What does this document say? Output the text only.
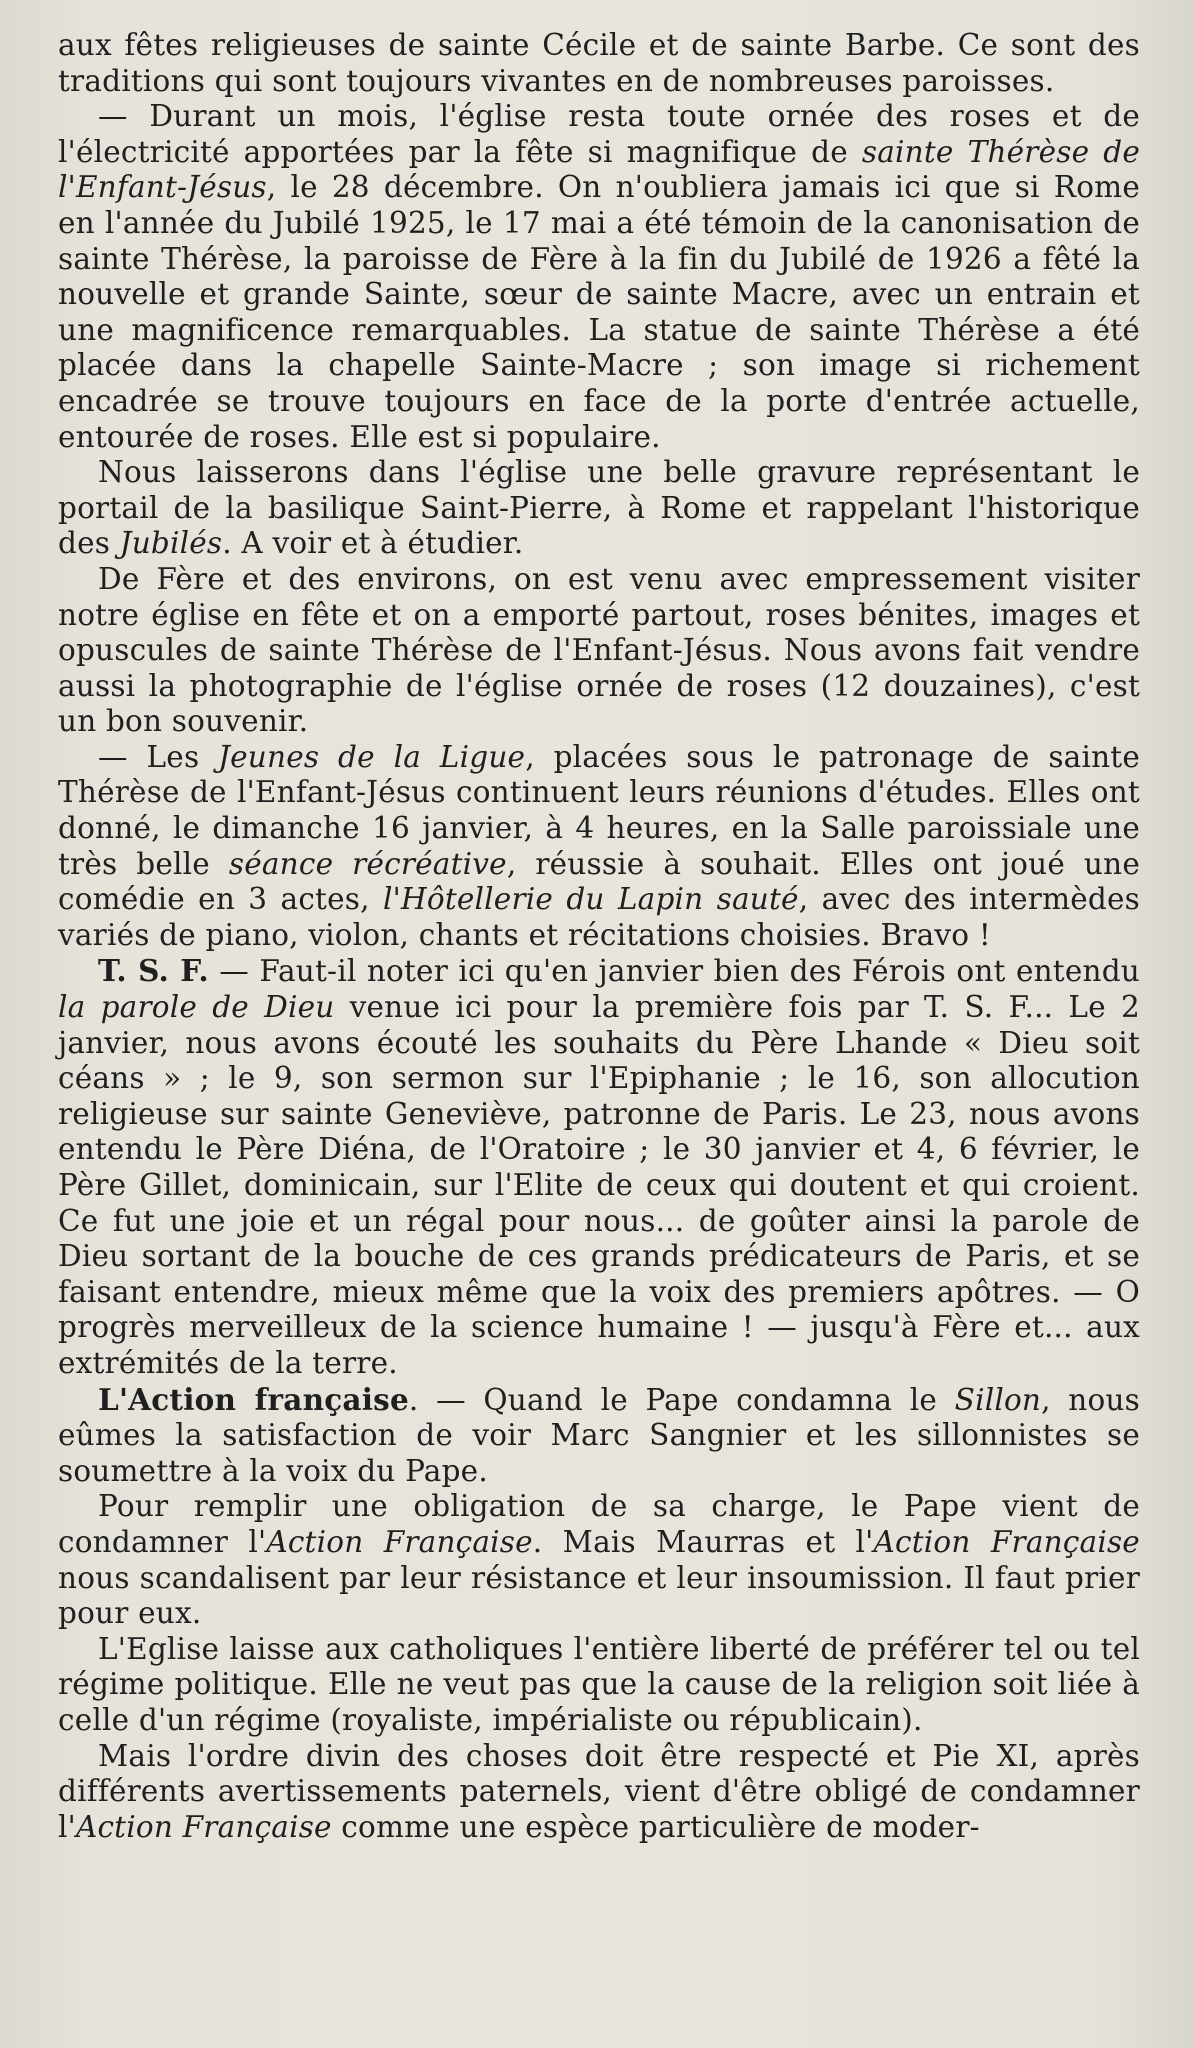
aux fêtes religieuses de sainte Cécile et de sainte Barbe. Ce sont des traditions qui sont toujours vivantes en de nombreuses paroisses.

— Durant un mois, l'église resta toute ornée des roses et de l'électricité apportées par la fête si magnifique de sainte Thérèse de l'Enfant-Jésus, le 28 décembre. On n'oubliera jamais ici que si Rome en l'année du Jubilé 1925, le 17 mai a été témoin de la canonisation de sainte Thérèse, la paroisse de Fère à la fin du Jubilé de 1926 a fêté la nouvelle et grande Sainte, sœur de sainte Macre, avec un entrain et une magnificence remarquables. La statue de sainte Thérèse a été placée dans la chapelle Sainte-Macre ; son image si richement encadrée se trouve toujours en face de la porte d'entrée actuelle, entourée de roses. Elle est si populaire.

Nous laisserons dans l'église une belle gravure représentant le portail de la basilique Saint-Pierre, à Rome et rappelant l'historique des Jubilés. A voir et à étudier.

De Fère et des environs, on est venu avec empressement visiter notre église en fête et on a emporté partout, roses bénites, images et opuscules de sainte Thérèse de l'Enfant-Jésus. Nous avons fait vendre aussi la photographie de l'église ornée de roses (12 douzaines), c'est un bon souvenir.

— Les Jeunes de la Ligue, placées sous le patronage de sainte Thérèse de l'Enfant-Jésus continuent leurs réunions d'études. Elles ont donné, le dimanche 16 janvier, à 4 heures, en la Salle paroissiale une très belle séance récréative, réussie à souhait. Elles ont joué une comédie en 3 actes, l'Hôtellerie du Lapin sauté, avec des intermèdes variés de piano, violon, chants et récitations choisies. Bravo !

T. S. F. — Faut-il noter ici qu'en janvier bien des Férois ont entendu la parole de Dieu venue ici pour la première fois par T. S. F... Le 2 janvier, nous avons écouté les souhaits du Père Lhande « Dieu soit céans » ; le 9, son sermon sur l'Epiphanie ; le 16, son allocution religieuse sur sainte Geneviève, patronne de Paris. Le 23, nous avons entendu le Père Diéna, de l'Oratoire ; le 30 janvier et 4, 6 février, le Père Gillet, dominicain, sur l'Elite de ceux qui doutent et qui croient. Ce fut une joie et un régal pour nous... de goûter ainsi la parole de Dieu sortant de la bouche de ces grands prédicateurs de Paris, et se faisant entendre, mieux même que la voix des premiers apôtres. — O progrès merveilleux de la science humaine ! — jusqu'à Fère et... aux extrémités de la terre.

L'Action française. — Quand le Pape condamna le Sillon, nous eûmes la satisfaction de voir Marc Sangnier et les sillonnistes se soumettre à la voix du Pape.

Pour remplir une obligation de sa charge, le Pape vient de condamner l'Action Française. Mais Maurras et l'Action Française nous scandalisent par leur résistance et leur insoumission. Il faut prier pour eux.

L'Eglise laisse aux catholiques l'entière liberté de préférer tel ou tel régime politique. Elle ne veut pas que la cause de la religion soit liée à celle d'un régime (royaliste, impérialiste ou républicain).

Mais l'ordre divin des choses doit être respecté et Pie XI, après différents avertissements paternels, vient d'être obligé de condamner l'Action Française comme une espèce particulière de moder-
